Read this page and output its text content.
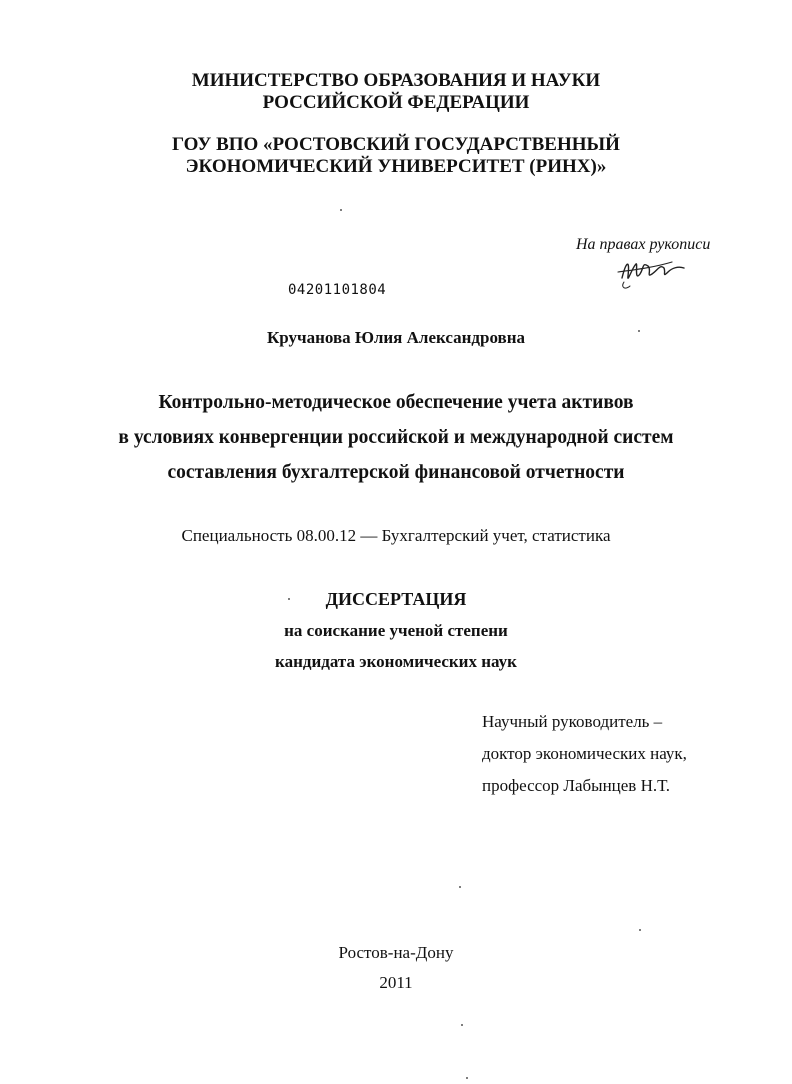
МИНИСТЕРСТВО ОБРАЗОВАНИЯ И НАУКИ
РОССИЙСКОЙ ФЕДЕРАЦИИ
ГОУ ВПО «РОСТОВСКИЙ ГОСУДАРСТВЕННЫЙ
ЭКОНОМИЧЕСКИЙ УНИВЕРСИТЕТ (РИНХ)»
На правах рукописи
04201101804
Кручанова Юлия Александровна
Контрольно-методическое обеспечение учета активов
в условиях конвергенции российской и международной систем
составления бухгалтерской финансовой отчетности
Специальность 08.00.12 — Бухгалтерский учет, статистика
ДИССЕРТАЦИЯ
на соискание ученой степени
кандидата экономических наук
Научный руководитель –
доктор экономических наук,
профессор Лабынцев Н.Т.
Ростов-на-Дону
2011
